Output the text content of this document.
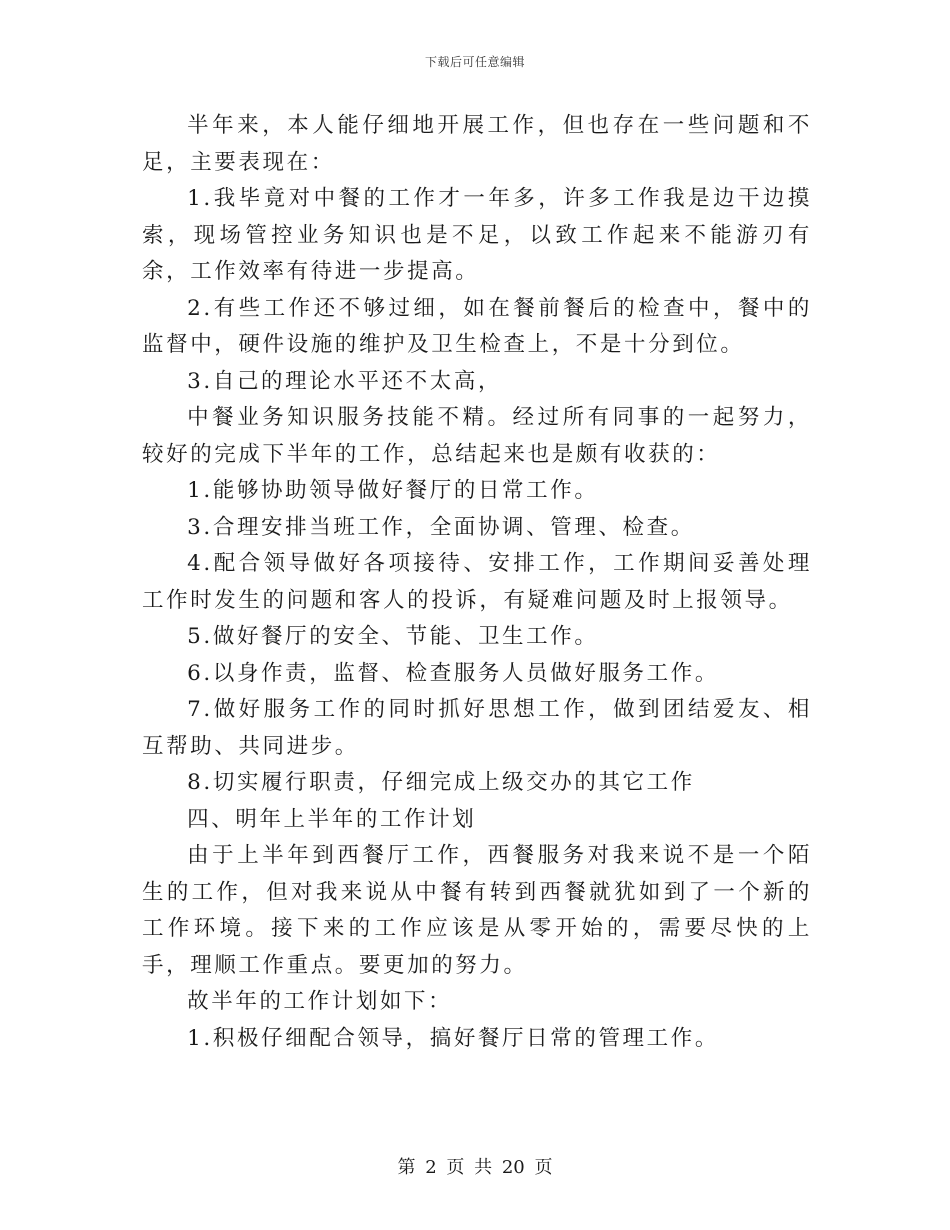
下载后可任意编辑

半年来，本人能仔细地开展工作，但也存在一些问题和不足，主要表现在：

1.我毕竟对中餐的工作才一年多，许多工作我是边干边摸索，现场管控业务知识也是不足，以致工作起来不能游刃有余，工作效率有待进一步提高。

2.有些工作还不够过细，如在餐前餐后的检查中，餐中的监督中，硬件设施的维护及卫生检查上，不是十分到位。

3.自己的理论水平还不太高，

中餐业务知识服务技能不精。经过所有同事的一起努力，较好的完成下半年的工作，总结起来也是颇有收获的：

1.能够协助领导做好餐厅的日常工作。

3.合理安排当班工作，全面协调、管理、检查。

4.配合领导做好各项接待、安排工作，工作期间妥善处理工作时发生的问题和客人的投诉，有疑难问题及时上报领导。

5.做好餐厅的安全、节能、卫生工作。

6.以身作责，监督、检查服务人员做好服务工作。

7.做好服务工作的同时抓好思想工作，做到团结爱友、相互帮助、共同进步。

8.切实履行职责，仔细完成上级交办的其它工作

四、明年上半年的工作计划

由于上半年到西餐厅工作，西餐服务对我来说不是一个陌生的工作，但对我来说从中餐有转到西餐就犹如到了一个新的工作环境。接下来的工作应该是从零开始的，需要尽快的上手，理顺工作重点。要更加的努力。

故半年的工作计划如下：

1.积极仔细配合领导，搞好餐厅日常的管理工作。

第 2 页 共 20 页
